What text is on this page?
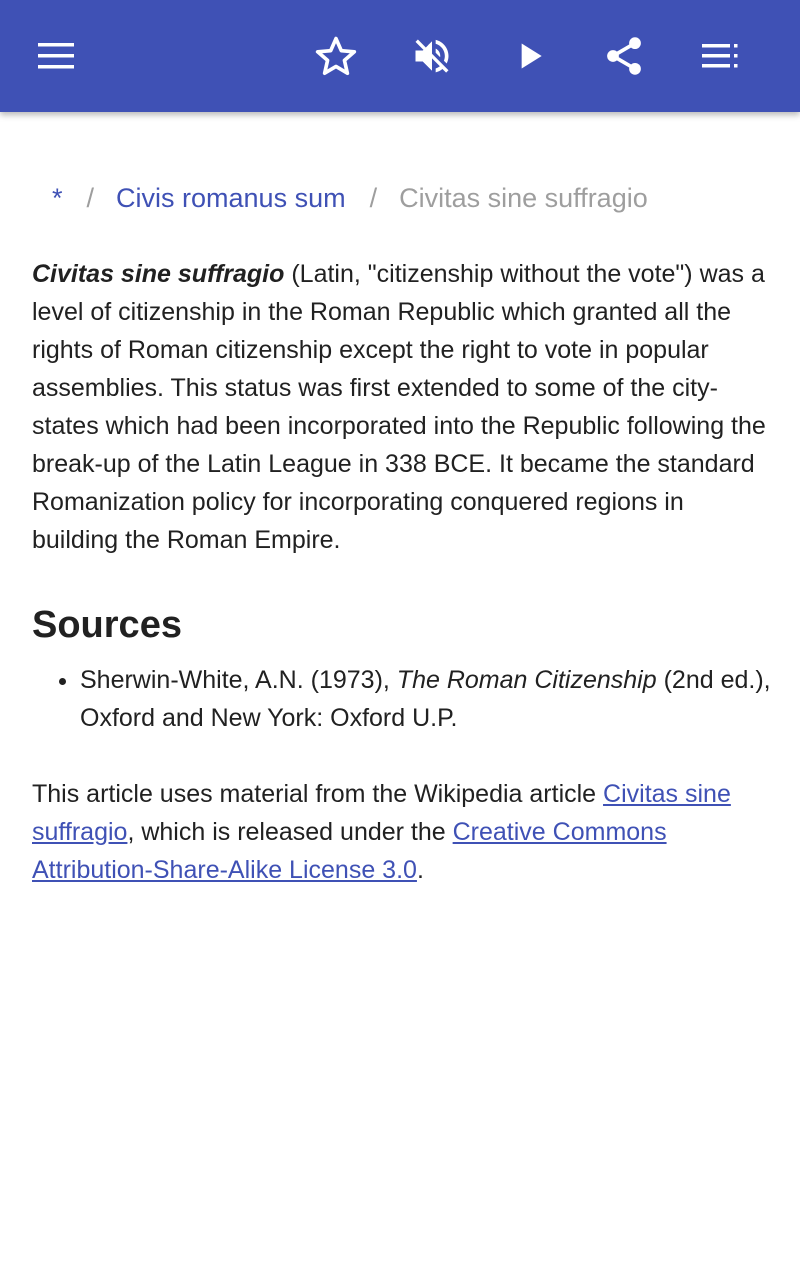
* / Civis romanus sum / Civitas sine suffragio

Civitas sine suffragio (Latin, "citizenship without the vote") was a level of citizenship in the Roman Republic which granted all the rights of Roman citizenship except the right to vote in popular assemblies. This status was first extended to some of the city-states which had been incorporated into the Republic following the break-up of the Latin League in 338 BCE. It became the standard Romanization policy for incorporating conquered regions in building the Roman Empire.

Sources
• Sherwin-White, A.N. (1973), The Roman Citizenship (2nd ed.), Oxford and New York: Oxford U.P.

This article uses material from the Wikipedia article Civitas sine suffragio, which is released under the Creative Commons Attribution-Share-Alike License 3.0.
